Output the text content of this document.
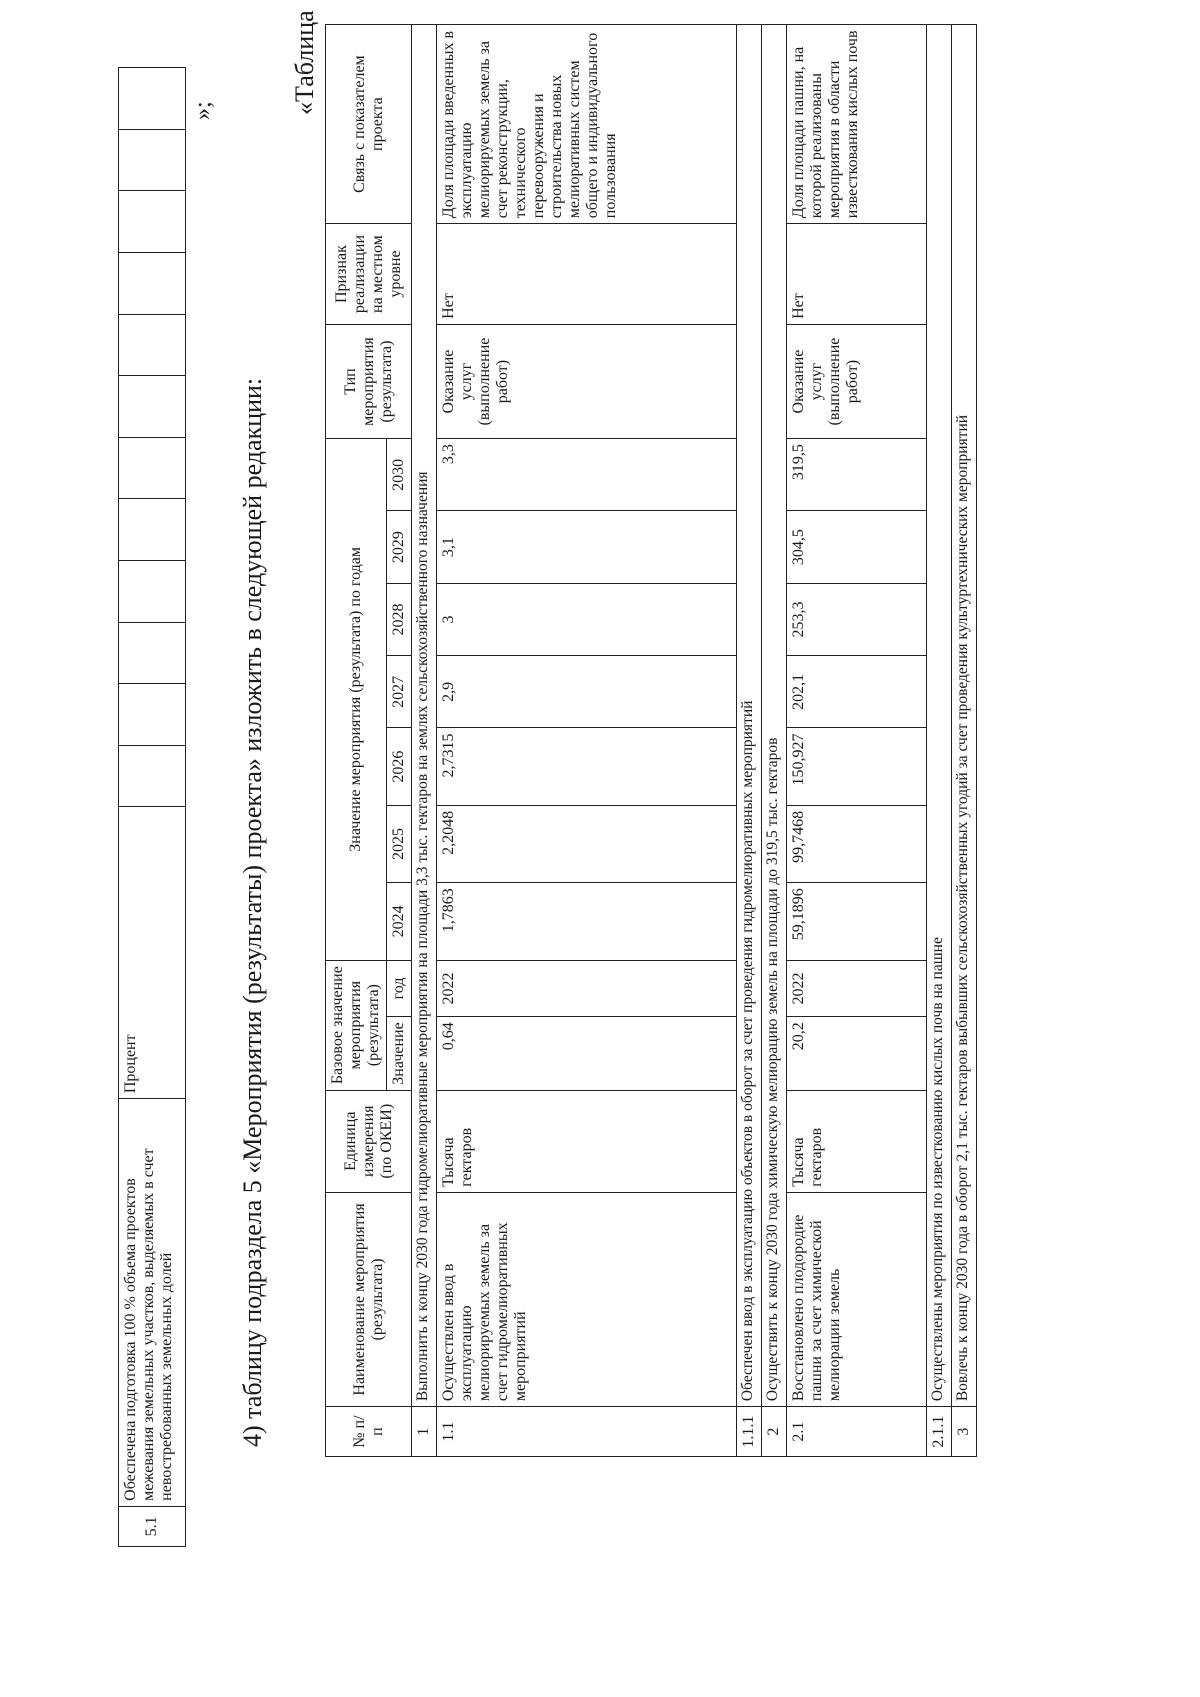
5.1	Обеспечена подготовка 100 % объема проектов межевания земельных участков, выделяемых в счет невостребованных земельных долей	Процент												
»;
4) таблицу подраздела 5 «Мероприятия (результаты) проекта» изложить в следующей редакции:
«Таблица
№ п/п	Наименование мероприятия (результата)	Единица измерения (по ОКЕИ)	Базовое значение мероприятия (результата)		Значение мероприятия (результата) по годам							Тип мероприятия (результата)	Признак реализации на местном уровне	Связь с показателем проекта
			Значение	год	2024	2025	2026	2027	2028	2029	2030			
1	Выполнить к концу 2030 года гидромелиоративные мероприятия на площади 3,3 тыс. гектаров на землях сельскохозяйственного назначения													
1.1	Осуществлен ввод в эксплуатацию мелиорируемых земель за счет гидромелиоративных мероприятий	Тысяча гектаров	0,64	2022	1,7863	2,2048	2,7315	2,9	3	3,1	3,3	Оказание услуг (выполнение работ)	Нет	Доля площади введенных в эксплуатацию мелиорируемых земель за счет реконструкции, технического перевооружения и строительства новых мелиоративных систем общего и индивидуального пользования
1.1.1	Обеспечен ввод в эксплуатацию объектов в оборот за счет проведения гидромелиоративных мероприятий													
2	Осуществить к концу 2030 года химическую мелиорацию земель на площади до 319,5 тыс. гектаров													
2.1	Восстановлено плодородие пашни за счет химической мелиорации земель	Тысяча гектаров	20,2	2022	59,1896	99,7468	150,927	202,1	253,3	304,5	319,5	Оказание услуг (выполнение работ)	Нет	Доля площади пашни, на которой реализованы мероприятия в области известкования кислых почв
2.1.1	Осуществлены мероприятия по известкованию кислых почв на пашне													
3	Вовлечь к концу 2030 года в оборот 2,1 тыс. гектаров выбывших сельскохозяйственных угодий за счет проведения культуртехнических мероприятий													
